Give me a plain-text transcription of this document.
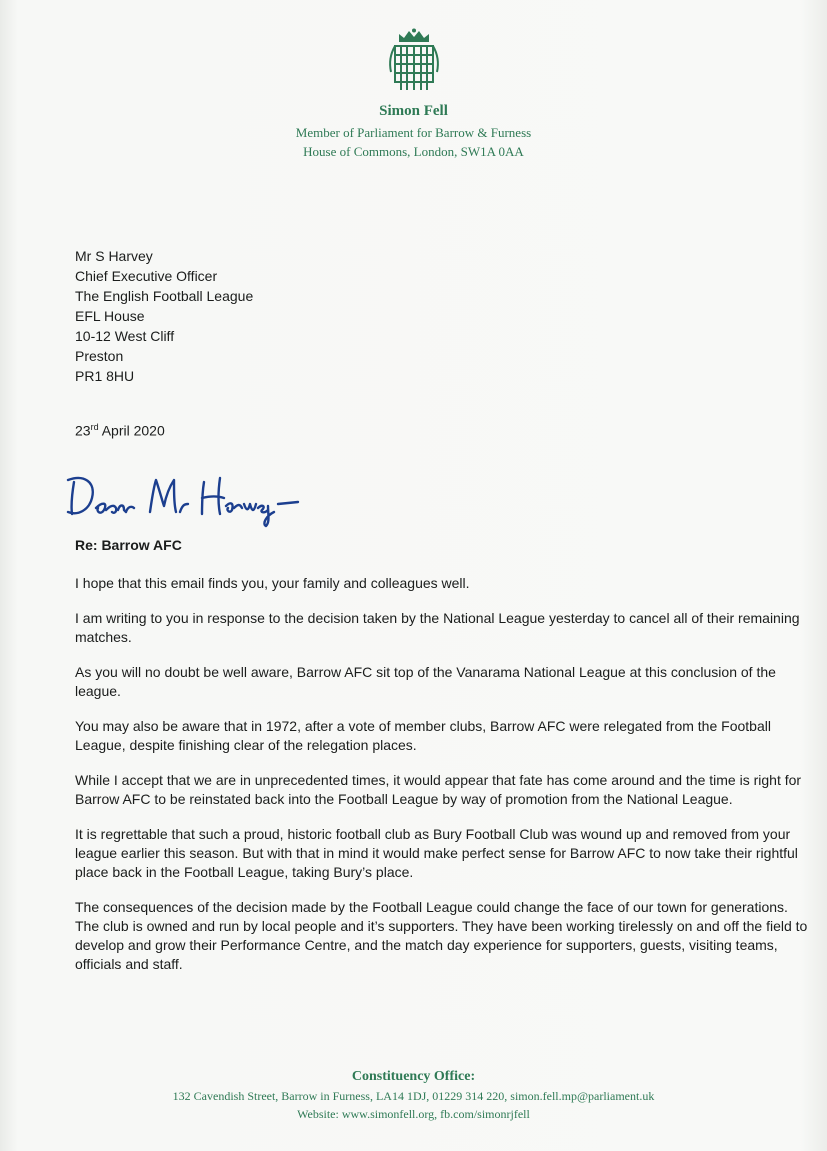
Simon Fell
Member of Parliament for Barrow & Furness
House of Commons, London, SW1A 0AA
Mr S Harvey
Chief Executive Officer
The English Football League
EFL House
10-12 West Cliff
Preston
PR1 8HU
23rd April 2020
Re: Barrow AFC

I hope that this email finds you, your family and colleagues well.

I am writing to you in response to the decision taken by the National League yesterday to cancel all of their remaining matches.

As you will no doubt be well aware, Barrow AFC sit top of the Vanarama National League at this conclusion of the league.

You may also be aware that in 1972, after a vote of member clubs, Barrow AFC were relegated from the Football League, despite finishing clear of the relegation places.

While I accept that we are in unprecedented times, it would appear that fate has come around and the time is right for Barrow AFC to be reinstated back into the Football League by way of promotion from the National League.

It is regrettable that such a proud, historic football club as Bury Football Club was wound up and removed from your league earlier this season. But with that in mind it would make perfect sense for Barrow AFC to now take their rightful place back in the Football League, taking Bury’s place.

The consequences of the decision made by the Football League could change the face of our town for generations. The club is owned and run by local people and it’s supporters. They have been working tirelessly on and off the field to develop and grow their Performance Centre, and the match day experience for supporters, guests, visiting teams, officials and staff.

Constituency Office:
132 Cavendish Street, Barrow in Furness, LA14 1DJ, 01229 314 220, simon.fell.mp@parliament.uk
Website: www.simonfell.org, fb.com/simonrjfell
